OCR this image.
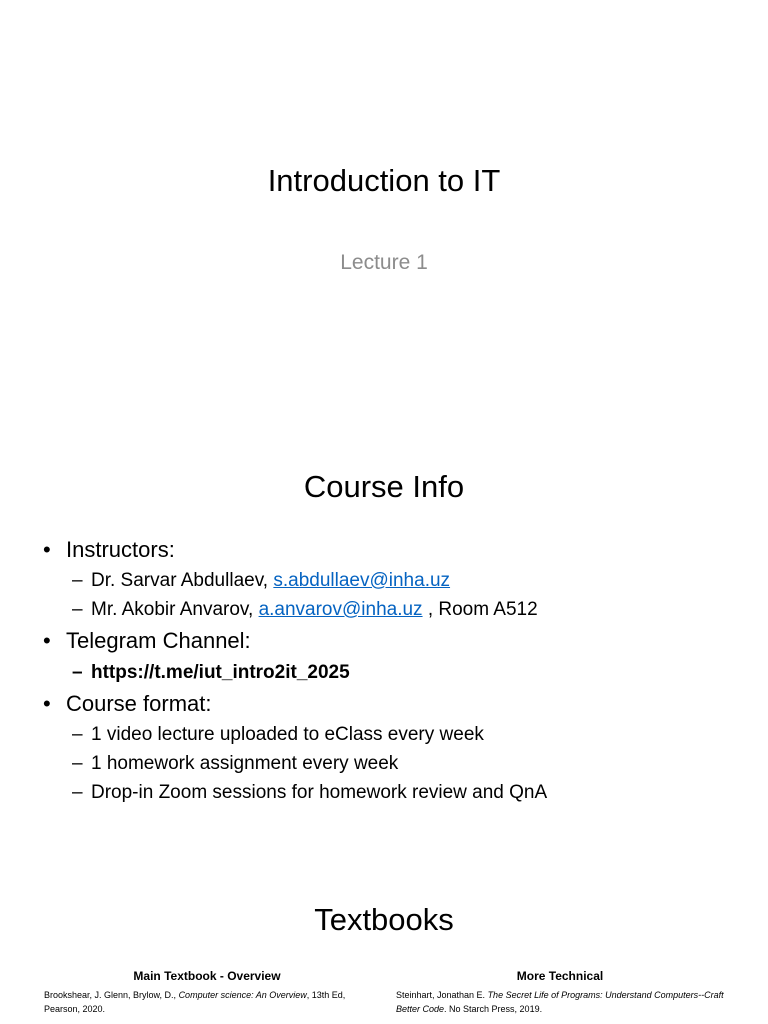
Introduction to IT
Lecture 1
Course Info
• Instructors:
– Dr. Sarvar Abdullaev, s.abdullaev@inha.uz
– Mr. Akobir Anvarov, a.anvarov@inha.uz , Room A512
• Telegram Channel:
– https://t.me/iut_intro2it_2025
• Course format:
– 1 video lecture uploaded to eClass every week
– 1 homework assignment every week
– Drop-in Zoom sessions for homework review and QnA
Textbooks
Main Textbook - Overview
Brookshear, J. Glenn, Brylow, D., Computer science: An Overview, 13th Ed, Pearson, 2020.
More Technical
Steinhart, Jonathan E. The Secret Life of Programs: Understand Computers--Craft Better Code. No Starch Press, 2019.
